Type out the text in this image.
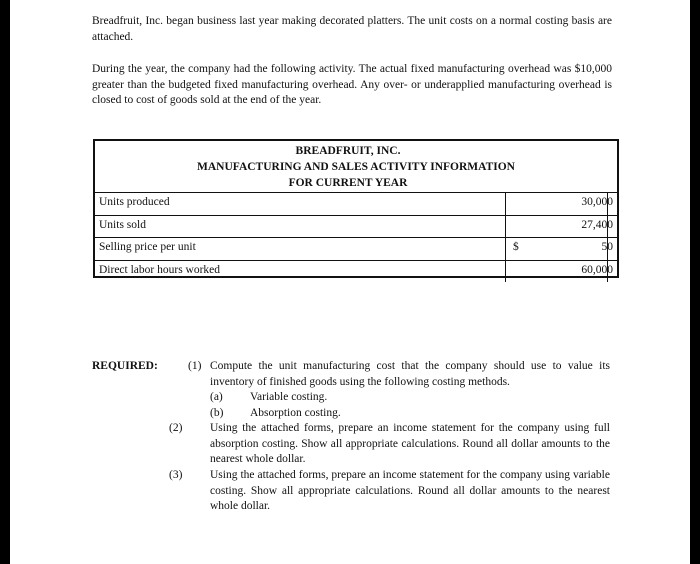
Breadfruit, Inc. began business last year making decorated platters. The unit costs on a normal costing basis are attached.

During the year, the company had the following activity. The actual fixed manufacturing overhead was $10,000 greater than the budgeted fixed manufacturing overhead. Any over- or underapplied manufacturing overhead is closed to cost of goods sold at the end of the year.

BREADFRUIT, INC.
MANUFACTURING AND SALES ACTIVITY INFORMATION
FOR CURRENT YEAR
Units produced	30,000
Units sold	27,400
Selling price per unit	$	50
Direct labor hours worked	60,000
REQUIRED:	(1) Compute the unit manufacturing cost that the company should use to value its inventory of finished goods using the following costing methods.
(a) Variable costing.
(b) Absorption costing.
(2) Using the attached forms, prepare an income statement for the company using full absorption costing. Show all appropriate calculations. Round all dollar amounts to the nearest whole dollar.
(3) Using the attached forms, prepare an income statement for the company using variable costing. Show all appropriate calculations. Round all dollar amounts to the nearest whole dollar.
